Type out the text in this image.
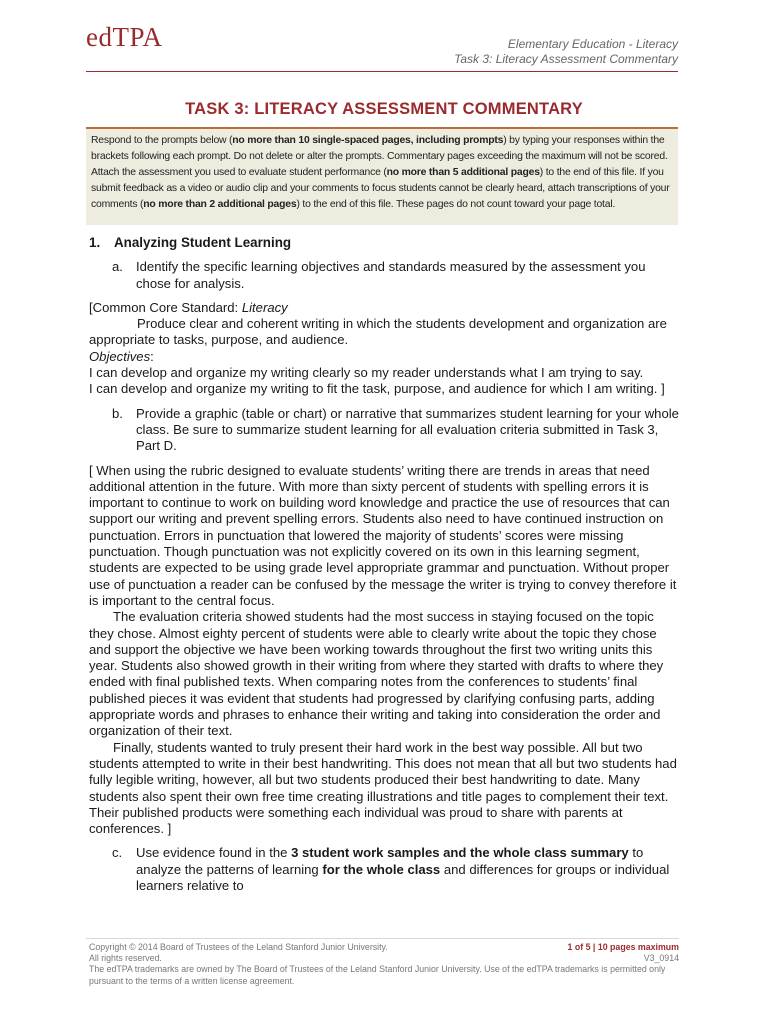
edTPA	Elementary Education - Literacy
Task 3: Literacy Assessment Commentary
TASK 3: LITERACY ASSESSMENT COMMENTARY
Respond to the prompts below (no more than 10 single-spaced pages, including prompts) by typing your responses within the brackets following each prompt. Do not delete or alter the prompts. Commentary pages exceeding the maximum will not be scored. Attach the assessment you used to evaluate student performance (no more than 5 additional pages) to the end of this file. If you submit feedback as a video or audio clip and your comments to focus students cannot be clearly heard, attach transcriptions of your comments (no more than 2 additional pages) to the end of this file. These pages do not count toward your page total.
1. Analyzing Student Learning
a. Identify the specific learning objectives and standards measured by the assessment you chose for analysis.

[Common Core Standard: Literacy

Produce clear and coherent writing in which the students development and organization are appropriate to tasks, purpose, and audience.

Objectives:

I can develop and organize my writing clearly so my reader understands what I am trying to say.

I can develop and organize my writing to fit the task, purpose, and audience for which I am writing. ]

b. Provide a graphic (table or chart) or narrative that summarizes student learning for your whole class. Be sure to summarize student learning for all evaluation criteria submitted in Task 3, Part D.

[ When using the rubric designed to evaluate students’ writing there are trends in areas that need additional attention in the future. With more than sixty percent of students with spelling errors it is important to continue to work on building word knowledge and practice the use of resources that can support our writing and prevent spelling errors. Students also need to have continued instruction on punctuation. Errors in punctuation that lowered the majority of students’ scores were missing punctuation. Though punctuation was not explicitly covered on its own in this learning segment, students are expected to be using grade level appropriate grammar and punctuation. Without proper use of punctuation a reader can be confused by the message the writer is trying to convey therefore it is important to the central focus.

The evaluation criteria showed students had the most success in staying focused on the topic they chose. Almost eighty percent of students were able to clearly write about the topic they chose and support the objective we have been working towards throughout the first two writing units this year. Students also showed growth in their writing from where they started with drafts to where they ended with final published texts. When comparing notes from the conferences to students’ final published pieces it was evident that students had progressed by clarifying confusing parts, adding appropriate words and phrases to enhance their writing and taking into consideration the order and organization of their text.

Finally, students wanted to truly present their hard work in the best way possible. All but two students attempted to write in their best handwriting. This does not mean that all but two students had fully legible writing, however, all but two students produced their best handwriting to date. Many students also spent their own free time creating illustrations and title pages to complement their text. Their published products were something each individual was proud to share with parents at conferences. ]

c.	Use evidence found in the 3 student work samples and the whole class summary to analyze the patterns of learning for the whole class and differences for groups or individual learners relative to
Copyright © 2014 Board of Trustees of the Leland Stanford Junior University.	1 of 5 | 10 pages maximum
All rights reserved.	V3_0914
The edTPA trademarks are owned by The Board of Trustees of the Leland Stanford Junior University. Use of the edTPA trademarks is permitted only pursuant to the terms of a written license agreement.
